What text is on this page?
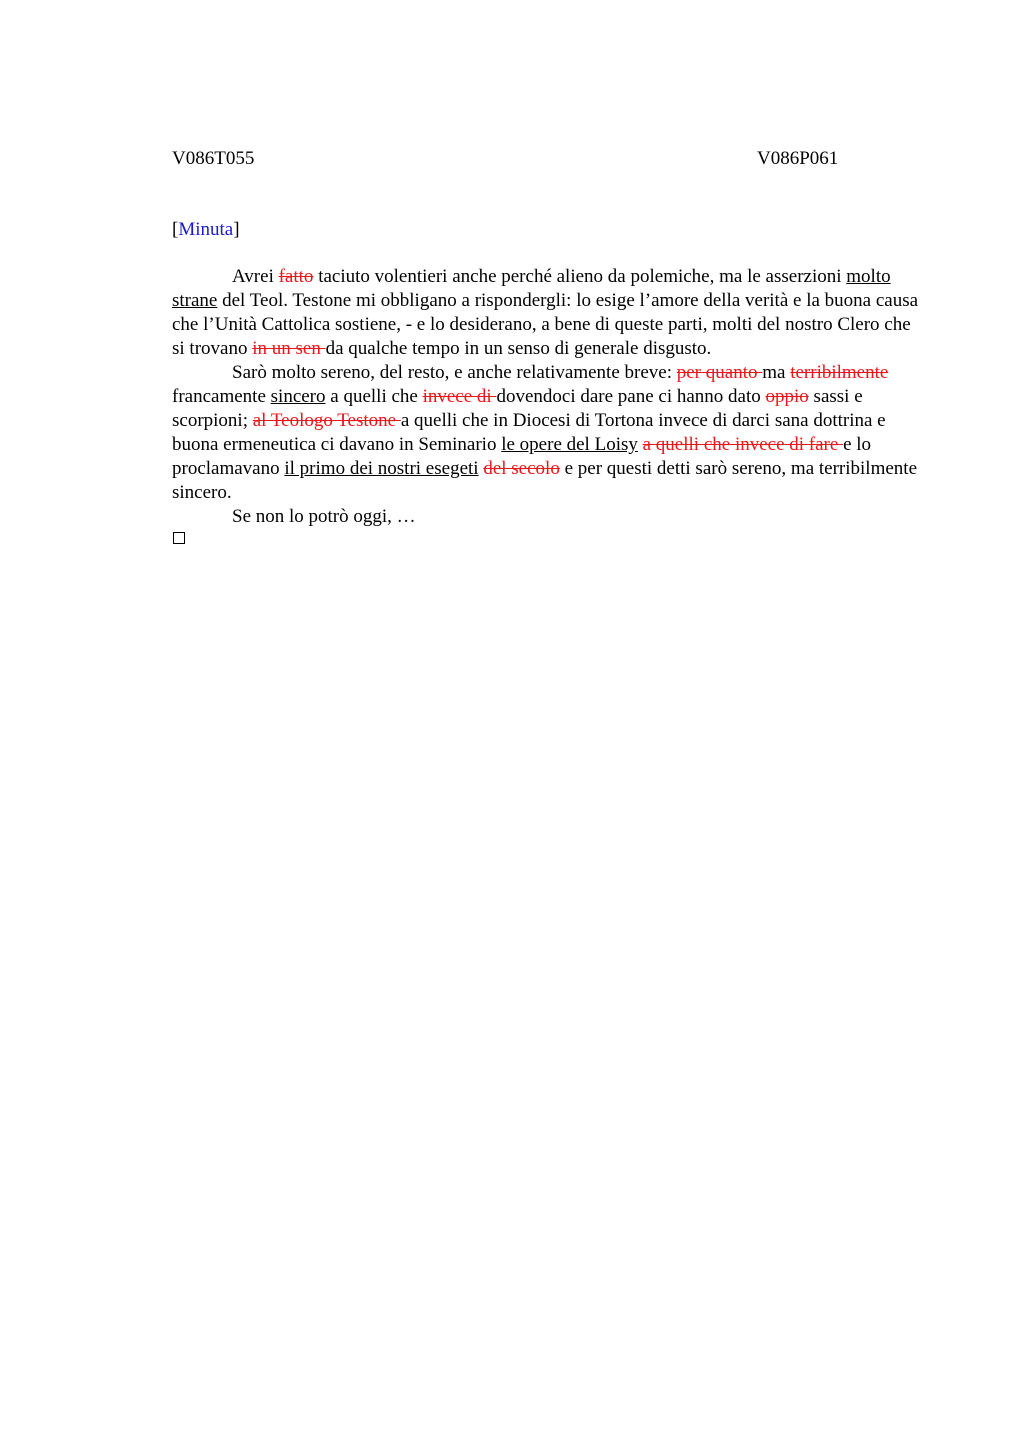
V086T055	V086P061
[Minuta]

Avrei fatto taciuto volentieri anche perché alieno da polemiche, ma le asserzioni molto strane del Teol. Testone mi obbligano a rispondergli: lo esige l’amore della verità e la buona causa che l’Unità Cattolica sostiene, - e lo desiderano, a bene di queste parti, molti del nostro Clero che si trovano in un sen da qualche tempo in un senso di generale disgusto.

Sarò molto sereno, del resto, e anche relativamente breve: per quanto ma terribilmente francamente sincero a quelli che invece di dovendoci dare pane ci hanno dato oppio sassi e scorpioni; al Teologo Testone a quelli che in Diocesi di Tortona invece di darci sana dottrina e buona ermeneutica ci davano in Seminario le opere del Loisy a quelli che invece di fare e lo proclamavano il primo dei nostri esegeti del secolo e per questi detti sarò sereno, ma terribilmente sincero.

Se non lo potrò oggi, …
